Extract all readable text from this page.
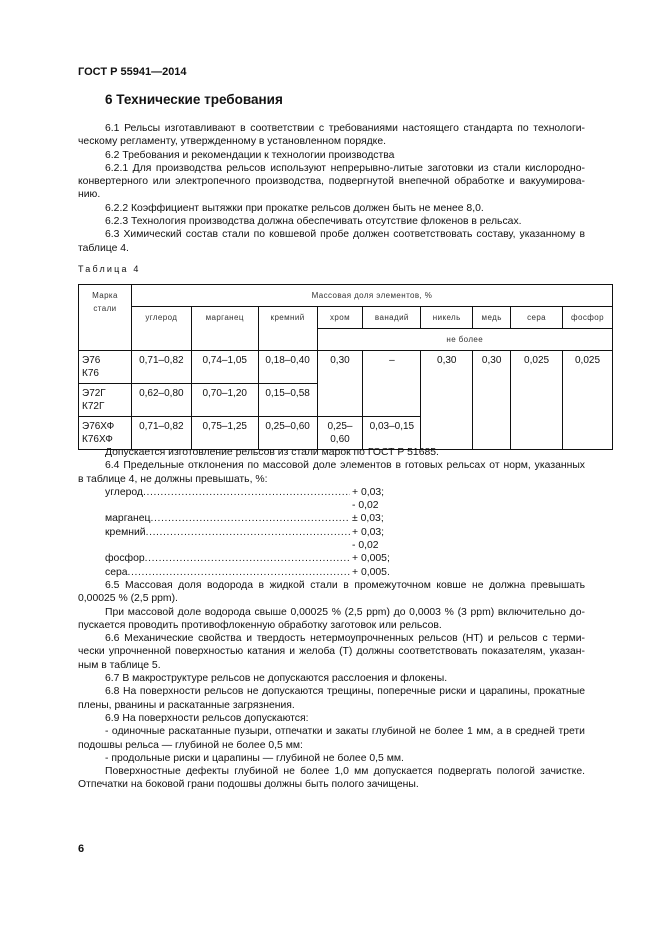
ГОСТ Р 55941—2014
6 Технические требования
6.1 Рельсы изготавливают в соответствии с требованиями настоящего стандарта по технологи-
ческому регламенту, утвержденному в установленном порядке.
6.2 Требования и рекомендации к технологии производства
6.2.1 Для производства рельсов используют непрерывно-литые заготовки из стали кислородно-
конвертерного или электропечного производства, подвергнутой внепечной обработке и вакуумирова-
нию.
6.2.2 Коэффициент вытяжки при прокатке рельсов должен быть не менее 8,0.
6.2.3 Технология производства должна обеспечивать отсутствие флокенов в рельсах.
6.3 Химический состав стали по ковшевой пробе должен соответствовать составу, указанному в
таблице 4.
Таблица 4
Марка стали	Массовая доля элементов, %								
	углерод	марганец	кремний	хром	ванадий	никель	медь	сера	фосфор
				не более					
Э76
К76	0,71–0,82	0,74–1,05	0,18–0,40	0,30	–	0,30	0,30	0,025	0,025
Э72Г
К72Г	0,62–0,80	0,70–1,20	0,15–0,58						
Э76ХФ
К76ХФ	0,71–0,82	0,75–1,25	0,25–0,60	0,25–
0,60	0,03–0,15				
Допускается изготовление рельсов из стали марок по ГОСТ Р 51685.
6.4 Предельные отклонения по массовой доле элементов в готовых рельсах от норм, указанных
в таблице 4, не должны превышать, %:
углерод
.....	+ 0,03;
- 0,02
марганец
.....	± 0,03;
кремний
.....	+ 0,03;
- 0,02
фосфор
.....	+ 0,005;
сера
.....	+ 0,005.
6.5 Массовая доля водорода в жидкой стали в промежуточном ковше не должна превышать
0,00025 % (2,5 ppm).
При массовой доле водорода свыше 0,00025 % (2,5 ppm) до 0,0003 % (3 ppm) включительно до-
пускается проводить противофлокенную обработку заготовок или рельсов.
6.6 Механические свойства и твердость нетермоупрочненных рельсов (НТ) и рельсов с терми-
чески упрочненной поверхностью катания и желоба (Т) должны соответствовать показателям, указан-
ным в таблице 5.
6.7 В макроструктуре рельсов не допускаются расслоения и флокены.
6.8 На поверхности рельсов не допускаются трещины, поперечные риски и царапины, прокатные
плены, рванины и раскатанные загрязнения.
6.9 На поверхности рельсов допускаются:
- одиночные раскатанные пузыри, отпечатки и закаты глубиной не более 1 мм, а в средней трети
подошвы рельса — глубиной не более 0,5 мм:
- продольные риски и царапины — глубиной не более 0,5 мм.
Поверхностные дефекты глубиной не более 1,0 мм допускается подвергать пологой зачистке.
Отпечатки на боковой грани подошвы должны быть полого зачищены.
6
